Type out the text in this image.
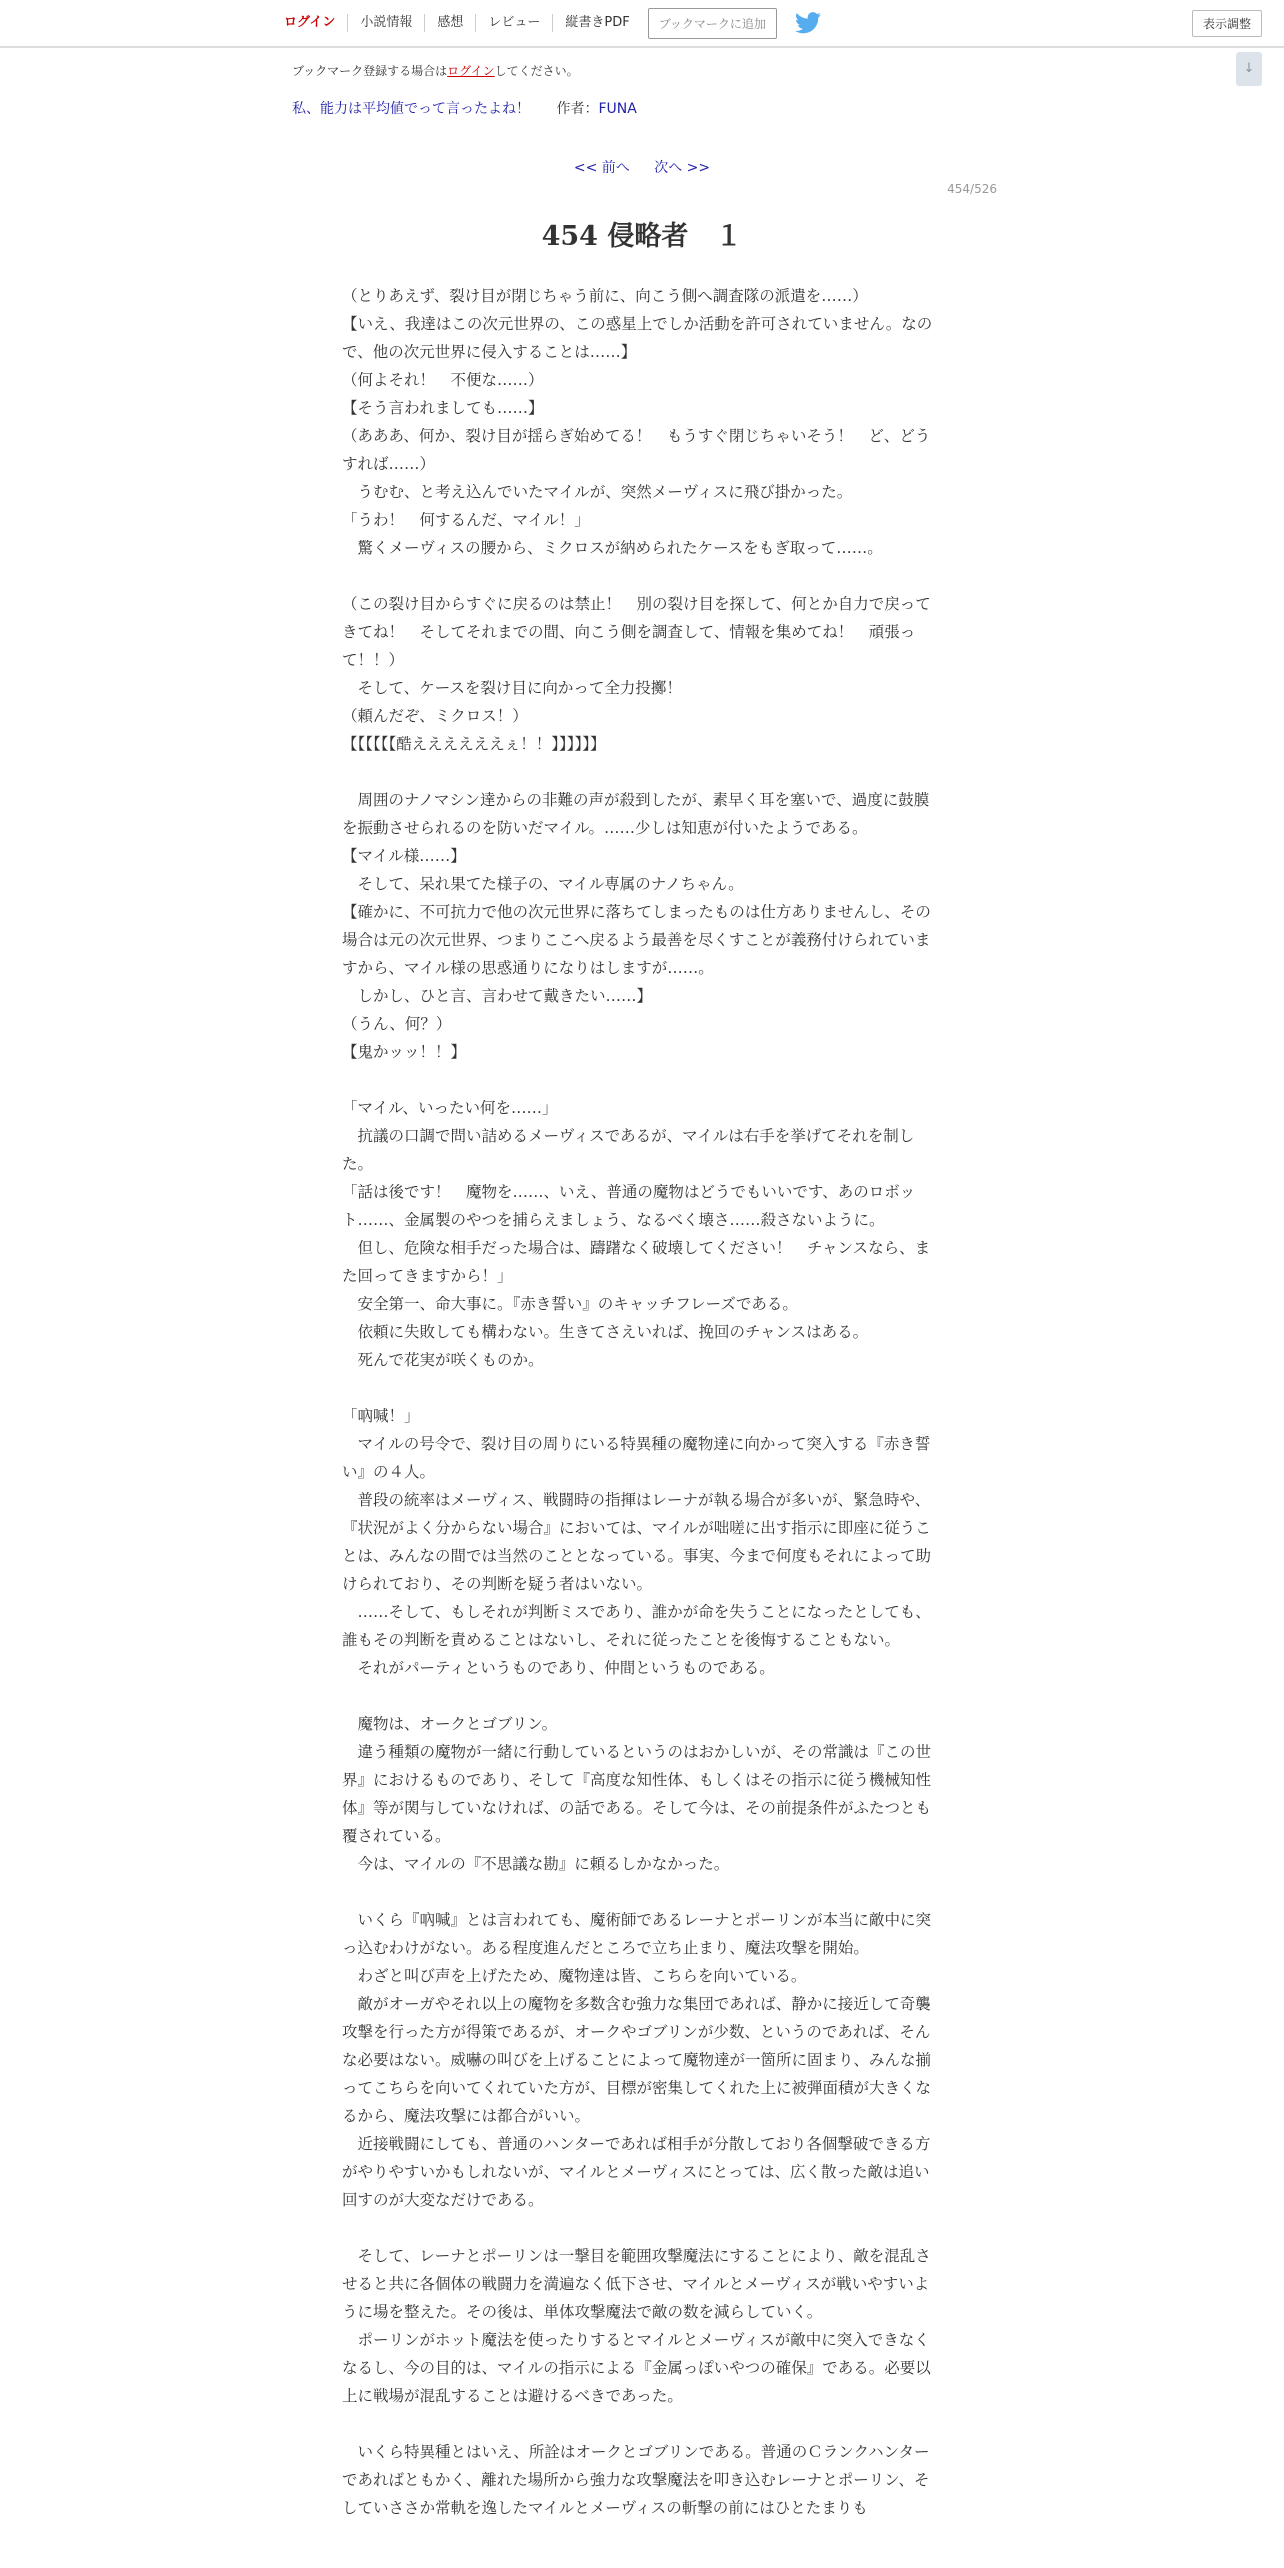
ログイン	小説情報	感想	レビュー	縦書きPDF	ブックマークに追加	表示調整
↓
ブックマーク登録する場合はログインしてください。
私、能力は平均値でって言ったよね！ 作者：FUNA
<< 前へ 次へ >>
454/526
454 侵略者　１

（とりあえず、裂け目が閉じちゃう前に、向こう側へ調査隊の派遣を……）

【いえ、我達はこの次元世界の、この惑星上でしか活動を許可されていません。なので、他の次元世界に侵入することは……】

（何よそれ！　不便な……）

【そう言われましても……】

（あああ、何か、裂け目が揺らぎ始めてる！　もうすぐ閉じちゃいそう！　ど、どうすれば……）

　うむむ、と考え込んでいたマイルが、突然メーヴィスに飛び掛かった。

「うわ！　何するんだ、マイル！」

　驚くメーヴィスの腰から、ミクロスが納められたケースをもぎ取って……。

（この裂け目からすぐに戻るのは禁止！　別の裂け目を探して、何とか自力で戻ってきてね！　そしてそれまでの間、向こう側を調査して、情報を集めてね！　頑張って！！）

　そして、ケースを裂け目に向かって全力投擲！

（頼んだぞ、ミクロス！）

【【【【【【酷ええええええぇ！！】】】】】】

　周囲のナノマシン達からの非難の声が殺到したが、素早く耳を塞いで、過度に鼓膜を振動させられるのを防いだマイル。……少しは知恵が付いたようである。

【マイル様……】

　そして、呆れ果てた様子の、マイル専属のナノちゃん。

【確かに、不可抗力で他の次元世界に落ちてしまったものは仕方ありませんし、その場合は元の次元世界、つまりここへ戻るよう最善を尽くすことが義務付けられていますから、マイル様の思惑通りになりはしますが……。

　しかし、ひと言、言わせて戴きたい……】

（うん、何？）

【鬼かッッ！！】

「マイル、いったい何を……」

　抗議の口調で問い詰めるメーヴィスであるが、マイルは右手を挙げてそれを制した。

「話は後です！　魔物を……、いえ、普通の魔物はどうでもいいです、あのロボット……、金属製のやつを捕らえましょう、なるべく壊さ……殺さないように。

　但し、危険な相手だった場合は、躊躇なく破壊してください！　チャンスなら、また回ってきますから！」

　安全第一、命大事に。『赤き誓い』のキャッチフレーズである。

　依頼に失敗しても構わない。生きてさえいれば、挽回のチャンスはある。

　死んで花実が咲くものか。

「吶喊！」

　マイルの号令で、裂け目の周りにいる特異種の魔物達に向かって突入する『赤き誓い』の４人。

　普段の統率はメーヴィス、戦闘時の指揮はレーナが執る場合が多いが、緊急時や、『状況がよく分からない場合』においては、マイルが咄嗟に出す指示に即座に従うことは、みんなの間では当然のこととなっている。事実、今まで何度もそれによって助けられており、その判断を疑う者はいない。

　……そして、もしそれが判断ミスであり、誰かが命を失うことになったとしても、誰もその判断を責めることはないし、それに従ったことを後悔することもない。

　それがパーティというものであり、仲間というものである。

　魔物は、オークとゴブリン。

　違う種類の魔物が一緒に行動しているというのはおかしいが、その常識は『この世界』におけるものであり、そして『高度な知性体、もしくはその指示に従う機械知性体』等が関与していなければ、の話である。そして今は、その前提条件がふたつとも覆されている。

　今は、マイルの『不思議な勘』に頼るしかなかった。

　いくら『吶喊』とは言われても、魔術師であるレーナとポーリンが本当に敵中に突っ込むわけがない。ある程度進んだところで立ち止まり、魔法攻撃を開始。

　わざと叫び声を上げたため、魔物達は皆、こちらを向いている。

　敵がオーガやそれ以上の魔物を多数含む強力な集団であれば、静かに接近して奇襲攻撃を行った方が得策であるが、オークやゴブリンが少数、というのであれば、そんな必要はない。威嚇の叫びを上げることによって魔物達が一箇所に固まり、みんな揃ってこちらを向いてくれていた方が、目標が密集してくれた上に被弾面積が大きくなるから、魔法攻撃には都合がいい。

　近接戦闘にしても、普通のハンターであれば相手が分散しており各個撃破できる方がやりやすいかもしれないが、マイルとメーヴィスにとっては、広く散った敵は追い回すのが大変なだけである。

　そして、レーナとポーリンは一撃目を範囲攻撃魔法にすることにより、敵を混乱させると共に各個体の戦闘力を満遍なく低下させ、マイルとメーヴィスが戦いやすいように場を整えた。その後は、単体攻撃魔法で敵の数を減らしていく。

　ポーリンがホット魔法を使ったりするとマイルとメーヴィスが敵中に突入できなくなるし、今の目的は、マイルの指示による『金属っぽいやつの確保』である。必要以上に戦場が混乱することは避けるべきであった。

　いくら特異種とはいえ、所詮はオークとゴブリンである。普通のＣランクハンターであればともかく、離れた場所から強力な攻撃魔法を叩き込むレーナとポーリン、そしていささか常軌を逸したマイルとメーヴィスの斬撃の前にはひとたまりも
